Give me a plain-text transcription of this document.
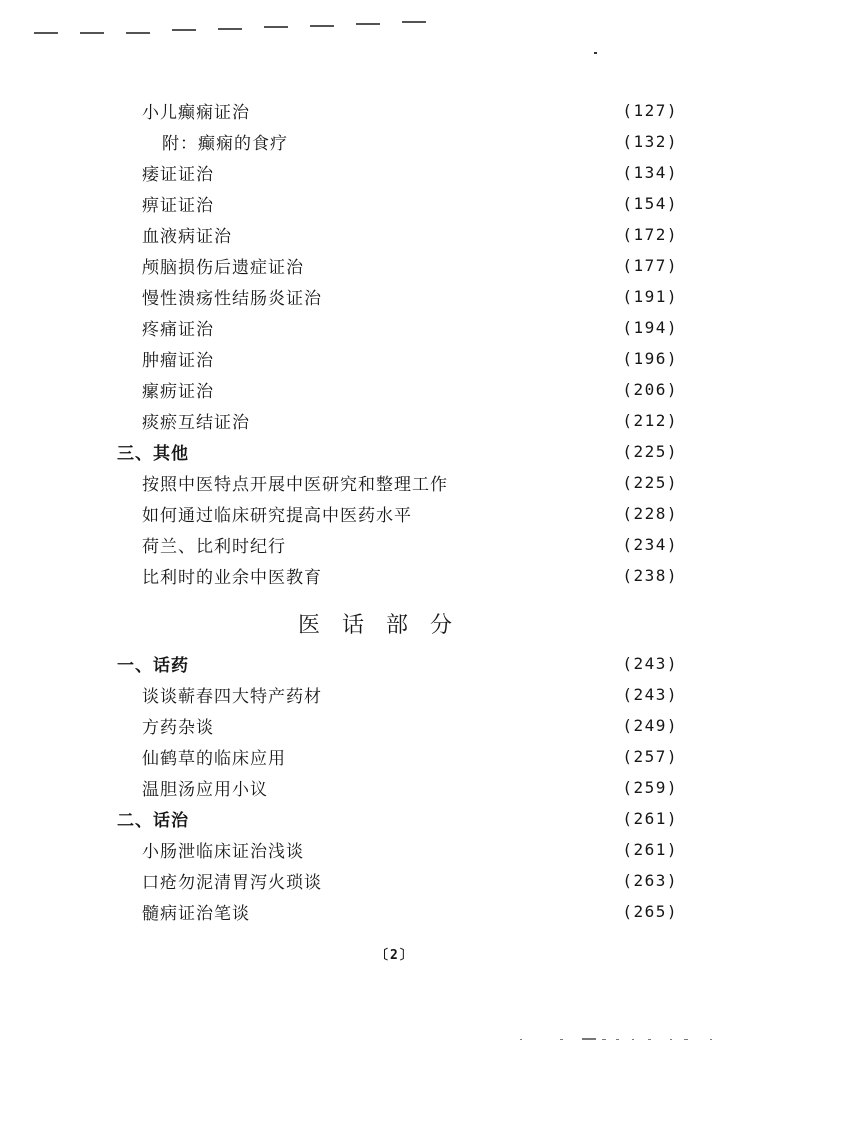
小儿癫痫证治	(127)
附：癫痫的食疗	(132)
痿证证治	(134)
痹证证治	(154)
血液病证治	(172)
颅脑损伤后遗症证治	(177)
慢性溃疡性结肠炎证治	(191)
疼痛证治	(194)
肿瘤证治	(196)
瘰疬证治	(206)
痰瘀互结证治	(212)
三、其他	(225)
按照中医特点开展中医研究和整理工作	(225)
如何通过临床研究提高中医药水平	(228)
荷兰、比利时纪行	(234)
比利时的业余中医教育	(238)
医话部分
一、话药	(243)
谈谈蕲春四大特产药材	(243)
方药杂谈	(249)
仙鹤草的临床应用	(257)
温胆汤应用小议	(259)
二、话治	(261)
小肠泄临床证治浅谈	(261)
口疮勿泥清胃泻火琐谈	(263)
髓病证治笔谈	(265)
〔2〕
